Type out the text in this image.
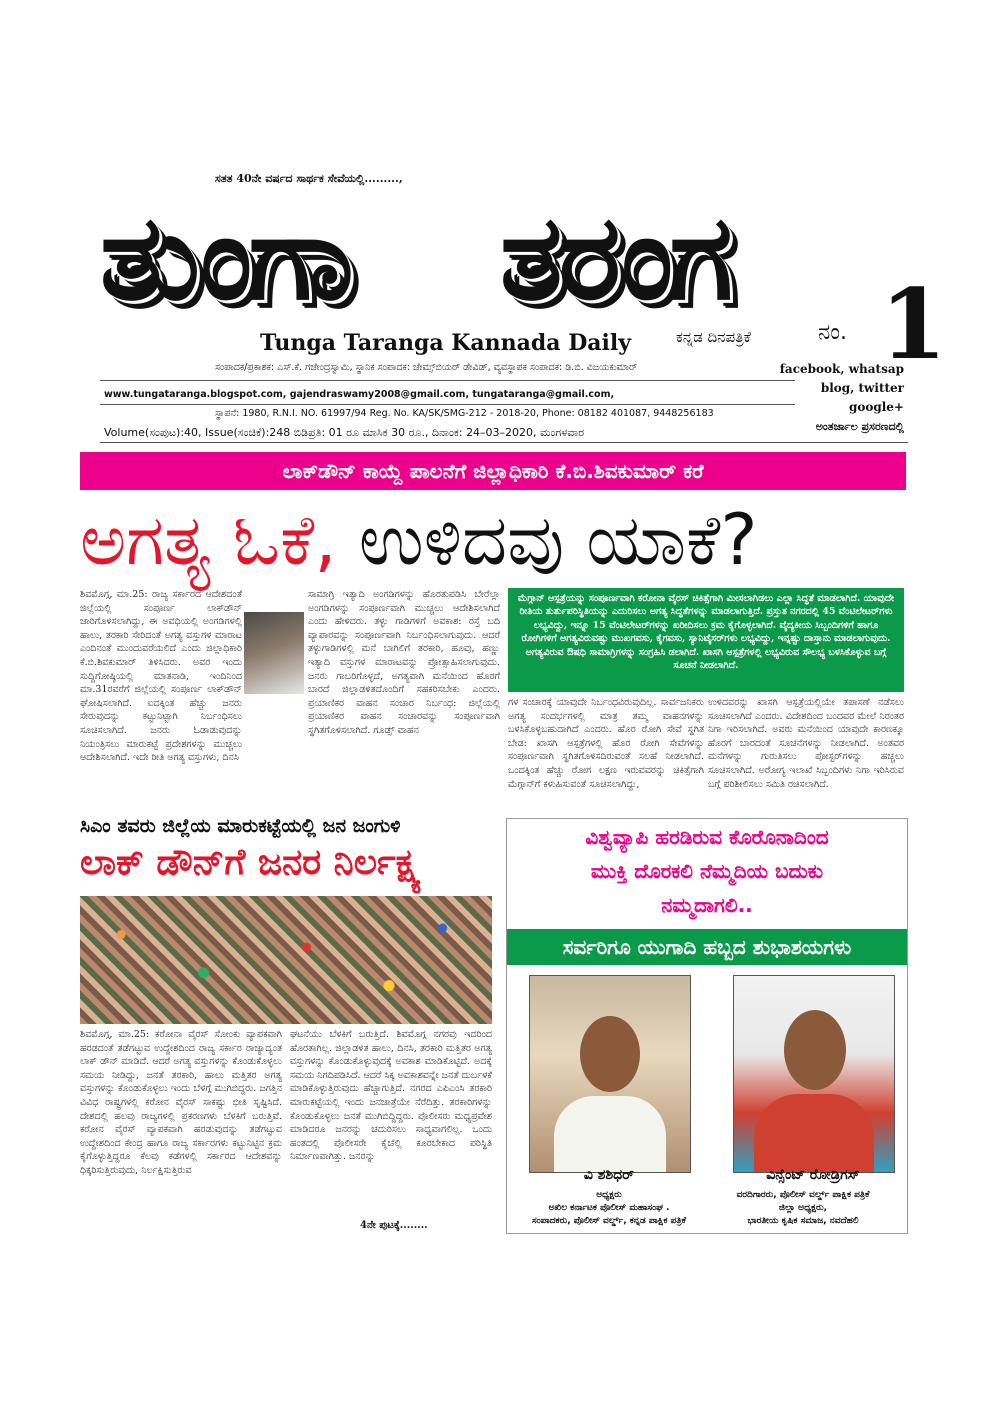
ಸತತ 40ನೇ ವರ್ಷದ ಸಾರ್ಥಕ ಸೇವೆಯಲ್ಲಿ.........,
ತುಂಗಾ ತರಂಗ 1
Tunga Taranga Kannada Daily	ಕನ್ನಡ ದಿನಪತ್ರಿಕೆ	ನಂ.
ಸಂಪಾದಕ/ಪ್ರಕಾಶಕ: ಎಸ್.ಕೆ. ಗಜೇಂದ್ರಸ್ವಾಮಿ, ಸ್ಥಾನಿಕ ಸಂಪಾದಕ: ಜೇಮ್ಸ್‌ಬಿಯರ್ ಡೇವಿಡ್, ವ್ಯವಸ್ಥಾಪಕ ಸಂಪಾದಕ: ಡಿ.ಬಿ. ವಿಜಯಕುಮಾರ್
www.tungataranga.blogspot.com, gajendraswamy2008@gmail.com, tungataranga@gmail.com,
ಸ್ಥಾಪನೆ: 1980, R.N.I. NO. 61997/94 Reg. No. KA/SK/SMG-212 - 2018-20, Phone: 08182 401087, 9448256183
Volume(ಸಂಪುಟ):40, Issue(ಸಂಚಿಕೆ):248 ಬಿಡಿಪ್ರತಿ: 01 ರೂ ಮಾಸಿಕ 30 ರೂ., ದಿನಾಂಕ: 24–03–2020, ಮಂಗಳವಾರ
facebook, whatsap
blog, twitter
google+
ಅಂತರ್ಜಾಲ ಪ್ರಸರಣದಲ್ಲಿ
ಲಾಕ್‌ಡೌನ್ ಕಾಯ್ದೆ ಪಾಲನೆಗೆ ಜಿಲ್ಲಾಧಿಕಾರಿ ಕೆ.ಬಿ.ಶಿವಕುಮಾರ್ ಕರೆ
ಅಗತ್ಯ ಓಕೆ, ಉಳಿದವು ಯಾಕೆ?
ಶಿವಮೊಗ್ಗ, ಮಾ.25: ರಾಜ್ಯ ಸರ್ಕಾರದ ಆದೇಶದಂತೆ ಜಿಲ್ಲೆಯಲ್ಲಿ ಸಂಪೂರ್ಣ ಲಾಕ್‌ಡೌನ್ ಜಾರಿಗೊಳಿಸಲಾಗಿದ್ದು, ಈ ಅವಧಿಯಲ್ಲಿ ಅಂಗಡಿಗಳಲ್ಲಿ ಹಾಲು, ತರಕಾರಿ ಸೇರಿದಂತೆ ಅಗತ್ಯ ವಸ್ತುಗಳ ಮಾರಾಟ ಎಂದಿನಂತೆ ಮುಂದುವರೆಯಲಿದೆ ಎಂದು ಜಿಲ್ಲಾಧಿಕಾರಿ ಕೆ.ಬಿ.ಶಿವಕುಮಾರ್ ತಿಳಿಸಿದರು. ಅವರ ಇಂದು ಸುದ್ದಿಗೋಷ್ಠಿಯಲ್ಲಿ ಮಾತನಾಡಿ, ಇಂದಿನಿಂದ ಮಾ.31ರವರೆಗೆ ಜಿಲ್ಲೆಯಲ್ಲಿ ಸಂಪೂರ್ಣ ಲಾಕ್‌ಡೌನ್ ಘೋಷಿಸಲಾಗಿದೆ. ಐದಕ್ಕಿಂತ ಹೆಚ್ಚು ಜನರು ಸೇರುವುದನ್ನು ಕಟ್ಟುನಿಟ್ಟಾಗಿ ನಿರ್ಬಂಧಿಸಲು ಸೂಚಿಸಲಾಗಿದೆ. ಜನರು ಓಡಾಡುವುದನ್ನು ನಿಯಂತ್ರಿಸಲು ಮಾರುಕಟ್ಟೆ ಪ್ರದೇಶಗಳನ್ನು ಮುಚ್ಚಲು ಆದೇಶಿಸಲಾಗಿದೆ. ಇದೇ ರೀತಿ ಅಗತ್ಯ ವಸ್ತುಗಳು, ದಿನಸಿ
ಸಾಮಾಗ್ರಿ ಇತ್ಯಾದಿ ಅಂಗಡಿಗಳನ್ನು ಹೊರತುಪಡಿಸಿ ಬೇರೆಲ್ಲಾ ಅಂಗಡಿಗಳನ್ನು ಸಂಪೂರ್ಣವಾಗಿ ಮುಚ್ಚಲು ಆದೇಶಿಸಲಾಗಿದೆ ಎಂದು ಹೇಳಿದರು. ತಳ್ಳು ಗಾಡಿಗಳಿಗೆ ಅವಕಾಶ: ರಸ್ತೆ ಬದಿ ವ್ಯಾಪಾರವನ್ನು ಸಂಪೂರ್ಣವಾಗಿ ನಿರ್ಬಂಧಿಸಲಾಗುವುದು. ಆದರೆ ತಳ್ಳುಗಾಡಿಗಳಲ್ಲಿ ಮನೆ ಬಾಗಿಲಿಗೆ ತರಕಾರಿ, ಹೂವು, ಹಣ್ಣು ಇತ್ಯಾದಿ ವಸ್ತುಗಳ ಮಾರಾಟವನ್ನು ಪ್ರೋತ್ಸಾಹಿಸಲಾಗುವುದು. ಜನರು ಗಾಬರಿಗೊಳ್ಳದೆ, ಅಗತ್ಯವಾಗಿ ಮನೆಯಿಂದ ಹೊರಗೆ ಬಾರದೆ ಜಿಲ್ಲಾಡಳಿತದೊಂದಿಗೆ ಸಹಕರಿಸಬೇಕು ಎಂದರು. ಪ್ರಯಾಣಿಕರ ವಾಹನ ಸಂಚಾರ ನಿರ್ಬಂಧ: ಜಿಲ್ಲೆಯಲ್ಲಿ ಪ್ರಯಾಣಿಕರ ವಾಹನ ಸಂಚಾರವನ್ನು ಸಂಪೂರ್ಣವಾಗಿ ಸ್ಥಗಿತಗೊಳಿಸಲಾಗಿದೆ. ಗೂಡ್ಸ್ ವಾಹನ
ಮೆಗ್ಗಾನ್ ಆಸ್ಪತ್ರೆಯನ್ನು ಸಂಪೂರ್ಣವಾಗಿ ಕರೋನಾ ವೈರಸ್ ಚಿಕಿತ್ಸೆಗಾಗಿ ಮೀಸಲಾಗಿಡಲು ಎಲ್ಲಾ ಸಿದ್ಧತೆ ಮಾಡಲಾಗಿದೆ. ಯಾವುದೇ ರೀತಿಯ ತುರ್ತುಪರಿಸ್ಥಿತಿಯನ್ನು ಎದುರಿಸಲು ಅಗತ್ಯ ಸಿದ್ಧತೆಗಳನ್ನು ಮಾಡಲಾಗುತ್ತಿದೆ. ಪ್ರಸ್ತುತ ನಗರದಲ್ಲಿ 45 ವೆಂಟಿಲೇಟರ್‌ಗಳು ಲಭ್ಯವಿದ್ದು, ಇನ್ನೂ 15 ವೆಂಟಿಲೇಟರ್‌ಗಳನ್ನು ಖರೀದಿಸಲು ಕ್ರಮ ಕೈಗೊಳ್ಳಲಾಗಿದೆ. ವೈದ್ಯಕೀಯ ಸಿಬ್ಬಂದಿಗಳಿಗೆ ಹಾಗೂ ರೋಗಿಗಳಿಗೆ ಅಗತ್ಯವಿರುವಷ್ಟು ಮುಖಗವಸು, ಕೈಗವಸು, ಸ್ಯಾನಿಟೈಸರ್‌ಗಳು ಲಭ್ಯವಿದ್ದು, ಇನ್ನಷ್ಟು ದಾಸ್ತಾನು ಮಾಡಲಾಗುವುದು. ಅಗತ್ಯವಿರುವ ಔಷಧಿ ಸಾಮಾಗ್ರಿಗಳನ್ನು ಸಂಗ್ರಹಿಸಿ ಡಲಾಗಿದೆ. ಖಾಸಗಿ ಆಸ್ಪತ್ರೆಗಳಲ್ಲಿ ಲಭ್ಯವಿರುವ ಸೌಲಭ್ಯ ಬಳಸಿಕೊಳ್ಳುವ ಬಗ್ಗೆ ಸೂಚನೆ ನೀಡಲಾಗಿದೆ.
ಗಳ ಸಂಚಾರಕ್ಕೆ ಯಾವುದೇ ನಿರ್ಬಂಧವಿರುವುದಿಲ್ಲ. ಸಾರ್ವಜನಿಕರು ಅಗತ್ಯ ಸಂದರ್ಭಗಳಲ್ಲಿ ಮಾತ್ರ ತಮ್ಮ ವಾಹನಗಳನ್ನು ಬಳಸಿಕೊಳ್ಳಬಹುದಾಗಿದೆ ಎಂದರು. ಹೊರ ರೋಗಿ ಸೇವೆ ಸ್ಥಗಿತ ಬೇಡ: ಖಾಸಗಿ ಆಸ್ಪತ್ರೆಗಳಲ್ಲಿ ಹೊರ ರೋಗಿ ಸೇವೆಗಳನ್ನು ಸಂಪೂರ್ಣವಾಗಿ ಸ್ಥಗಿತಗೊಳಿಸದಿರುವಂತೆ ಸಲಹೆ ನೀಡಲಾಗಿದೆ. ಒಂದಕ್ಕಿಂತ ಹೆಚ್ಚು ರೋಗ ಲಕ್ಷಣ ಇರುವವರನ್ನು ಚಿಕಿತ್ಸೆಗಾಗಿ ಮೆಗ್ಗಾನ್‌ಗೆ ಕಳುಹಿಸುವಂತೆ ಸೂಚಿಸಲಾಗಿದ್ದು,
ಉಳಿದವರನ್ನು ಖಾಸಗಿ ಆಸ್ಪತ್ರೆಯಲ್ಲಿಯೇ ತಪಾಸಣೆ ನಡೆಸಲು ಸೂಚಿಸಲಾಗಿದೆ ಎಂದರು. ವಿದೇಶದಿಂದ ಬಂದವರ ಮೇಲೆ ನಿರಂತರ ನಿಗಾ ಇರಿಸಲಾಗಿದೆ. ಅವರು ಮನೆಯಿಂದ ಯಾವುದೇ ಕಾರಣಕ್ಕೂ ಹೊರಗೆ ಬಾರದಂತೆ ಸೂಚನೆಗಳನ್ನು ನೀಡಲಾಗಿದೆ. ಅಂತವರ ಮನೆಗಳನ್ನು ಗುರುತಿಸಲು ಪೋಸ್ಟರ್‌ಗಳನ್ನು ಹಚ್ಚಲು ಸೂಚಿಸಲಾಗಿದೆ. ಅರೋಗ್ಯ ಇಲಾಖೆ ಸಿಬ್ಬಂದಿಗಳು ನಿಗಾ ಇರಿಸಿರುವ ಬಗ್ಗೆ ಪರಿಶೀಲಿಸಲು ಸಮಿತಿ ರಚಿಸಲಾಗಿದೆ.
ಸಿಎಂ ತವರು ಜಿಲ್ಲೆಯ ಮಾರುಕಟ್ಟೆಯಲ್ಲಿ ಜನ ಜಂಗುಳಿ
ಲಾಕ್ ಡೌನ್‌ಗೆ ಜನರ ನಿರ್ಲಕ್ಷ್ಯ
ಶಿವಮೊಗ್ಗ, ಮಾ.25: ಕರೋನಾ ವೈರಸ್ ಸೋಂಕು ವ್ಯಾಪಕವಾಗಿ ಹರಡದಂತೆ ತಡೆಗಟ್ಟುವ ಉದ್ದೇಶದಿಂದ ರಾಜ್ಯ ಸರ್ಕಾರ ರಾಜ್ಯಾದ್ಯಂತ ಲಾಕ್ ಡೌನ್ ಮಾಡಿದೆ. ಆದರೆ ಅಗತ್ಯ ವಸ್ತುಗಳನ್ನು ಕೊಂಡುಕೊಳ್ಳಲು ಸಮಯ ನೀಡಿದ್ದು, ಜನತೆ ತರಕಾರಿ, ಹಾಲು ಮತ್ತಿತರ ಅಗತ್ಯ ವಸ್ತುಗಳನ್ನು ಕೊಂಡುಕೊಳ್ಳಲು ಇಂದು ಬೆಳಗ್ಗೆ ಮುಗಿಬಿದ್ದರು. ಜಗತ್ತಿನ ವಿವಿಧ ರಾಷ್ಟ್ರಗಳಲ್ಲಿ ಕರೋನ ವೈರಸ್ ಸಾಕಷ್ಟು ಭೀತಿ ಸೃಷ್ಟಿಸಿದೆ. ದೇಶದಲ್ಲಿ ಹಲವು ರಾಜ್ಯಗಳಲ್ಲಿ ಪ್ರಕರಣಗಳು ಬೆಳಕಿಗೆ ಬರುತ್ತಿವೆ. ಕರೋನ ವೈರಸ್ ವ್ಯಾಪಕವಾಗಿ ಹರಡುವುದನ್ನು ತಡೆಗಟ್ಟುವ ಉದ್ದೇಶದಿಂದ ಕೇಂದ್ರ ಹಾಗೂ ರಾಜ್ಯ ಸರ್ಕಾರಗಳು ಕಟ್ಟುನಿಟ್ಟಿನ ಕ್ರಮ ಕೈಗೊಳ್ಳುತ್ತಿದ್ದರೂ ಕೆಲವು ಕಡೆಗಳಲ್ಲಿ ಸರ್ಕಾರದ ಆದೇಶವನ್ನು ಧಿಕ್ಕರಿಸುತ್ತಿರುವುದು, ನಿರ್ಲಕ್ಷಿಸುತ್ತಿರುವ
ಘಟನೆಯು ಬೆಳಕಿಗೆ ಬರುತ್ತಿದೆ. ಶಿವಮೊಗ್ಗ ನಗರವು ಇದರಿಂದ ಹೊರತಾಗಿಲ್ಲ. ಜಿಲ್ಲಾಡಳಿತ ಹಾಲು, ದಿನಸಿ, ತರಕಾರಿ ಮತ್ತಿತರ ಅಗತ್ಯ ವಸ್ತುಗಳನ್ನು ಕೊಂಡುಕೊಳ್ಳುವುದಕ್ಕೆ ಅವಕಾಶ ಮಾಡಿಕೊಟ್ಟಿದೆ. ಅದಕ್ಕೆ ಸಮಯ ನಿಗದಿಪಡಿಸಿದೆ. ಆದರೆ ಸಿಕ್ಕ ಅವಕಾಶವನ್ನೇ ಜನತೆ ದುರ್ಬಳಕೆ ಮಾಡಿಕೊಳ್ಳುತ್ತಿರುವುದು ಹೆಚ್ಚಾಗುತ್ತಿದೆ. ನಗರದ ಎಪಿಎಂಸಿ ತರಕಾರಿ ಮಾರುಕಟ್ಟೆಯಲ್ಲಿ ಇಂದು ಜನಜಾತ್ರೆಯೇ ನೆರೆದಿತ್ತು. ತರಕಾರಿಗಳನ್ನು ಕೊಂಡುಕೊಳ್ಳಲು ಜನತೆ ಮುಗಿಬಿದ್ದಿದ್ದರು. ಪೊಲೀಸರು ಮಧ್ಯಪ್ರವೇಶ ಮಾಡಿದರೂ ಜನರನ್ನು ಚದುರಿಸಲು ಸಾಧ್ಯವಾಗಲಿಲ್ಲ. ಒಂದು ಹಂತದಲ್ಲಿ ಪೊಲೀಸರೇ ಕೈಚೆಲ್ಲಿ ಕೂರಬೇಕಾದ ಪರಿಸ್ಥಿತಿ ನಿರ್ಮಾಣವಾಗಿತ್ತು. ಜನರನ್ನು
4ನೇ ಪುಟಕ್ಕೆ........
ವಿಶ್ವವ್ಯಾಪಿ ಹರಡಿರುವ ಕೊರೊನಾದಿಂದ
ಮುಕ್ತಿ ದೊರಕಲಿ ನೆಮ್ಮದಿಯ ಬದುಕು
ನಮ್ಮದಾಗಲಿ..
ಸರ್ವರಿಗೂ ಯುಗಾದಿ ಹಬ್ಬದ ಶುಭಾಶಯಗಳು
ವಿ ಶಶಿಧರ್
ಅಧ್ಯಕ್ಷರು
ಅಖಿಲ ಕರ್ನಾಟಕ ಪೊಲೀಸ್ ಮಹಾಸಂಘ .
ಸಂಪಾದಕರು, ಪೊಲೀಸ್ ವರ್ಲ್ಡ್, ಕನ್ನಡ ಪಾಕ್ಷಿಕ ಪತ್ರಿಕೆ
ವಿನ್ಸೆಂಟ್ ರೋಡ್ರಿಗಸ್
ವರದಿಗಾರರು, ಪೊಲೀಸ್ ವರ್ಲ್ಡ್ ಪಾಕ್ಷಿಕ ಪತ್ರಿಕೆ
ಜಿಲ್ಲಾ ಅಧ್ಯಕ್ಷರು,
ಭಾರತೀಯ ಕೃಷಿಕ ಸಮಾಜ, ನವದೆಹಲಿ
